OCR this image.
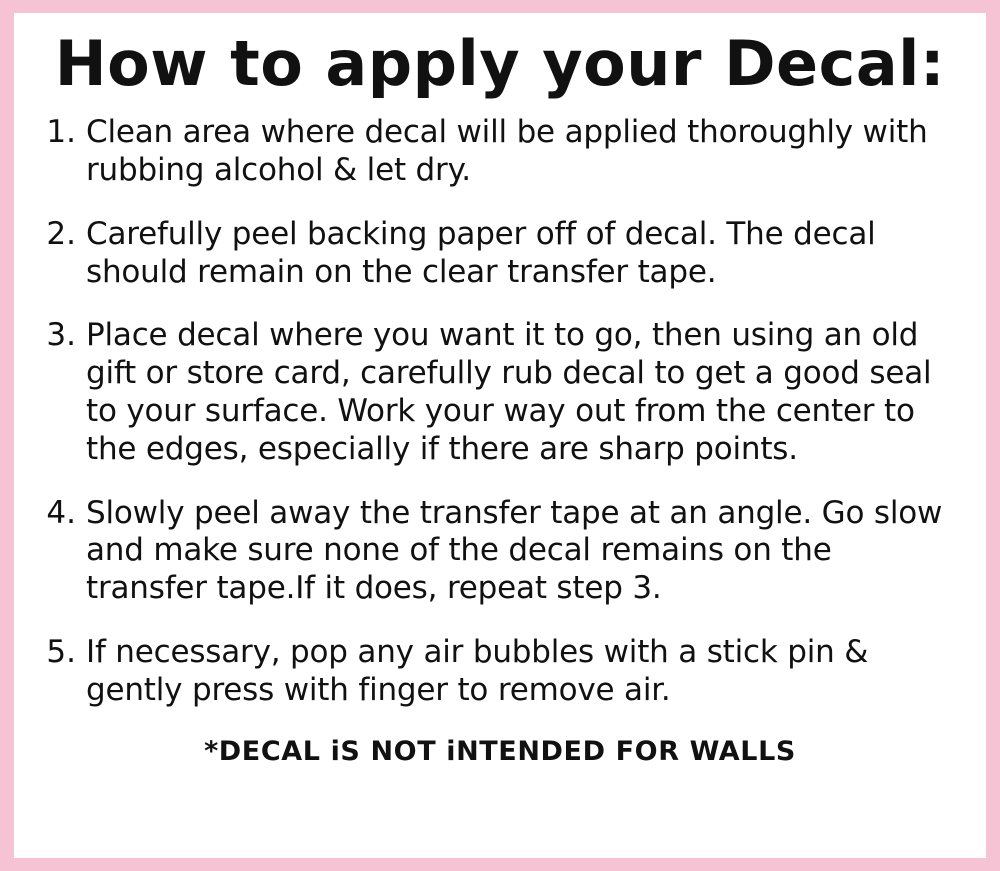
How to apply your Decal:
1. Clean area where decal will be applied thoroughly with rubbing alcohol & let dry.
2. Carefully peel backing paper off of decal. The decal should remain on the clear transfer tape.
3. Place decal where you want it to go, then using an old gift or store card, carefully rub decal to get a good seal to your surface. Work your way out from the center to the edges, especially if there are sharp points.
4. Slowly peel away the transfer tape at an angle. Go slow and make sure none of the decal remains on the transfer tape.If it does, repeat step 3.
5. If necessary, pop any air bubbles with a stick pin & gently press with finger to remove air.
*DECAL iS NOT iNTENDED FOR WALLS
